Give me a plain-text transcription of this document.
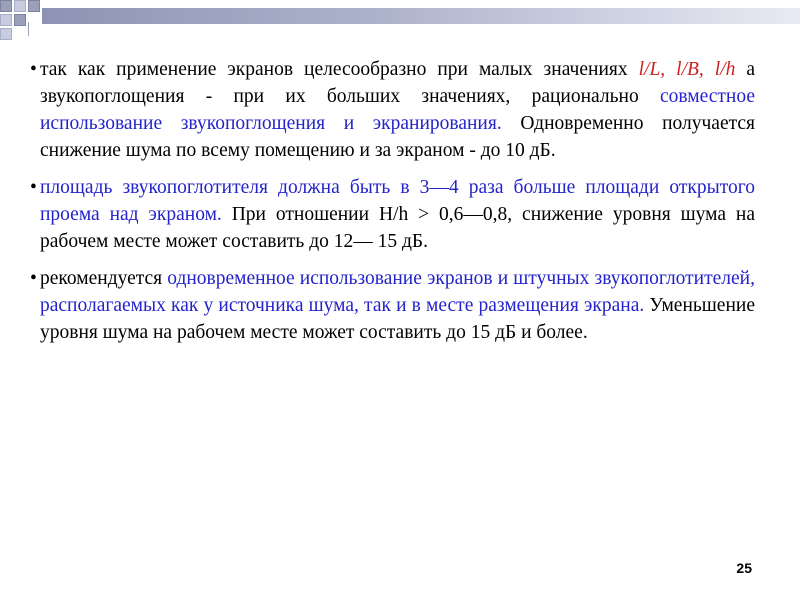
• так как применение экранов целесообразно при малых значениях l/L, l/B, l/h а звукопоглощения - при их больших значениях, рационально совместное использование звукопоглощения и экранирования. Одновременно получается снижение шума по всему помещению и за экраном - до 10 дБ.

• площадь звукопоглотителя должна быть в 3—4 раза больше площади открытого проема над экраном. При отношении H/h > 0,6—0,8, снижение уровня шума на рабочем месте может составить до 12— 15 дБ.

• рекомендуется одновременное использование экранов и штучных звукопоглотителей, располагаемых как у источника шума, так и в месте размещения экрана. Уменьшение уровня шума на рабочем месте может составить до 15 дБ и более.

25
